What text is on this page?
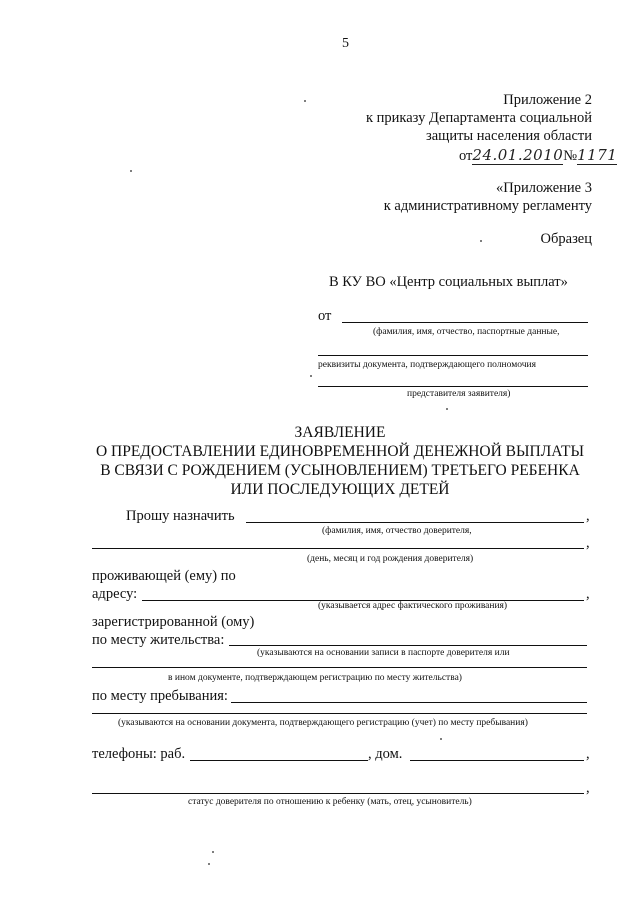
5
Приложение 2
к приказу Департамента социальной
защиты населения области
от24.01.2010№1171
«Приложение 3
к административному регламенту
Образец
В КУ ВО «Центр социальных выплат»
от
(фамилия, имя, отчество, паспортные данные,
реквизиты документа, подтверждающего полномочия
представителя заявителя)
ЗАЯВЛЕНИЕ
О ПРЕДОСТАВЛЕНИИ ЕДИНОВРЕМЕННОЙ ДЕНЕЖНОЙ ВЫПЛАТЫ
В СВЯЗИ С РОЖДЕНИЕМ (УСЫНОВЛЕНИЕМ) ТРЕТЬЕГО РЕБЕНКА
ИЛИ ПОСЛЕДУЮЩИХ ДЕТЕЙ
Прошу назначить	,
(фамилия, имя, отчество доверителя,
,
(день, месяц и год рождения доверителя)
проживающей (ему) по
адресу:	,
(указывается адрес фактического проживания)
зарегистрированной (ому)
по месту жительства:
(указываются на основании записи в паспорте доверителя или
в ином документе, подтверждающем регистрацию по месту жительства)
по месту пребывания:
(указываются на основании документа, подтверждающего регистрацию (учет) по месту пребывания)
телефоны: раб.	, дом.	,
,
статус доверителя по отношению к ребенку (мать, отец, усыновитель)
